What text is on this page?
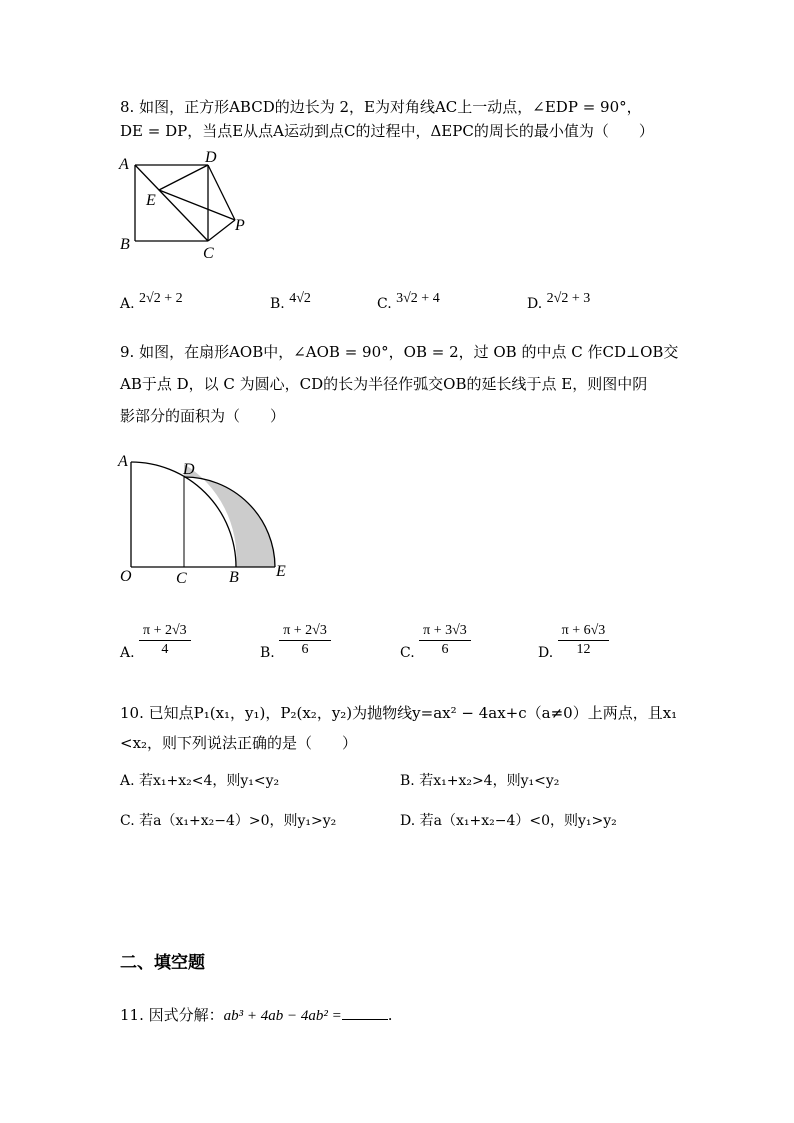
8. 如图，正方形ABCD的边长为 2，E为对角线AC上一动点，∠EDP = 90°，
DE = DP，当点E从点A运动到点C的过程中，ΔEPC的周长的最小值为（　　）
A	D
E
P
B
C
A. 2√2 + 2	B. 4√2	C. 3√2 + 4	D. 2√2 + 3
9. 如图，在扇形AOB中，∠AOB = 90°，OB = 2，过 OB 的中点 C 作CD⊥OB交
AB于点 D，以 C 为圆心，CD的长为半径作弧交OB的延长线于点 E，则图中阴
影部分的面积为（　　）
A	D
O	C	B E
A. $\frac{\pi + 2√3}{4}$	B. $\frac{\pi + 2√3}{6}$	C. $\frac{\pi + 3√3}{6}$	D. $\frac{\pi + 6√3}{12}$
10. 已知点P₁(x₁，y₁)，P₂(x₂，y₂)为抛物线y=ax² − 4ax+c（a≠0）上两点，且x₁
<x₂，则下列说法正确的是（　　）
A. 若x₁+x₂<4，则y₁<y₂	B. 若x₁+x₂>4，则y₁<y₂
C. 若a（x₁+x₂−4）>0，则y₁>y₂	D. 若a（x₁+x₂−4）<0，则y₁>y₂
二、填空题
11. 因式分解：ab³ + 4ab − 4ab² =	.
